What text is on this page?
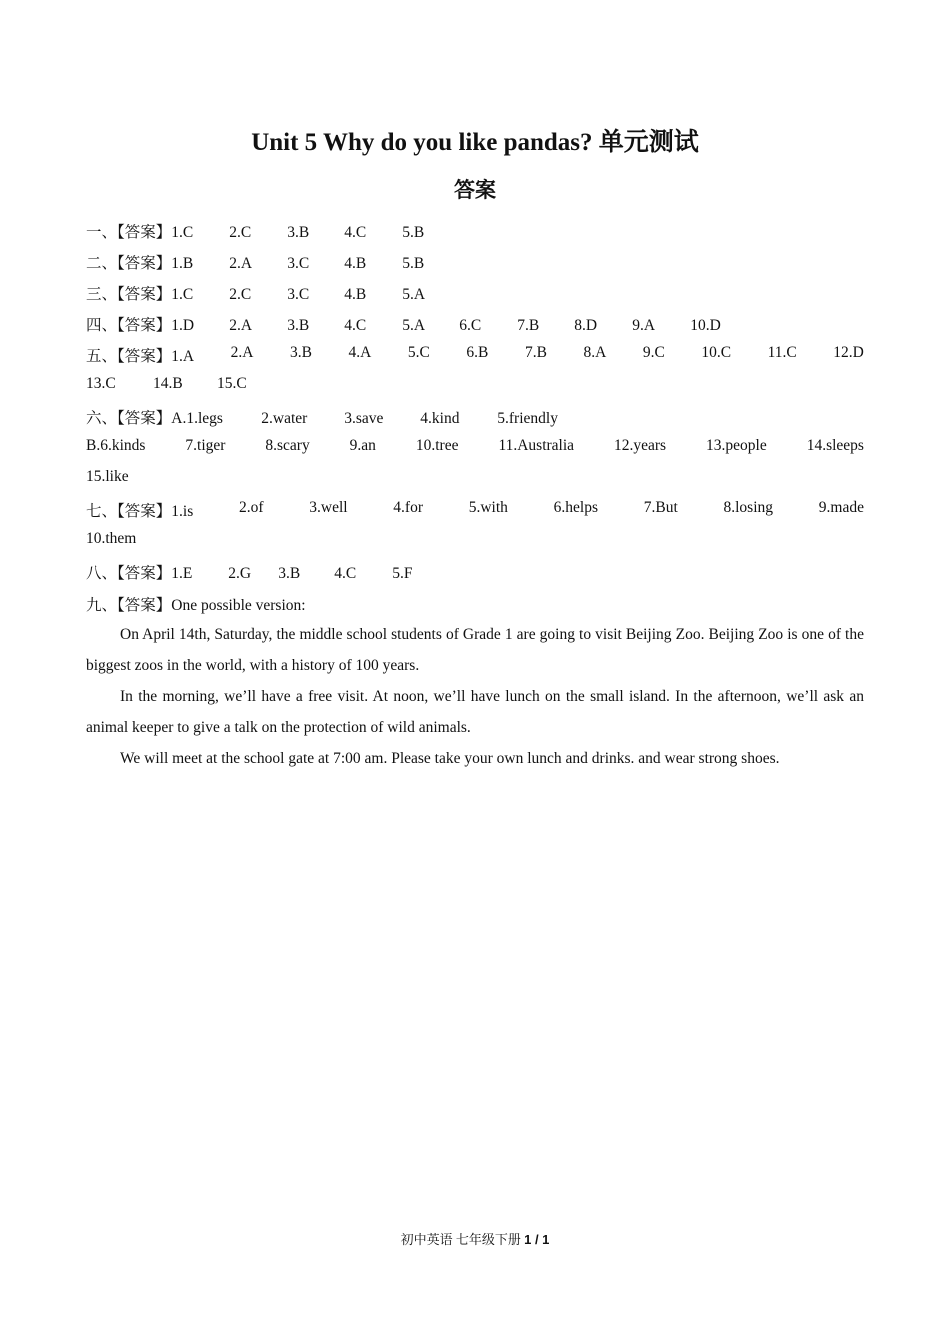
Unit 5 Why do you like pandas? 单元测试
答案
一、【答案】1.C 2.C 3.B 4.C 5.B
二、【答案】1.B 2.A 3.C 4.B 5.B
三、【答案】1.C 2.C 3.C 4.B 5.A
四、【答案】1.D 2.A 3.B 4.C 5.A 6.C 7.B 8.D 9.A 10.D
五、【答案】1.A 2.A 3.B 4.A 5.C 6.B 7.B 8.A 9.C 10.C 11.C 12.D
13.C 14.B 15.C
六、【答案】A.1.legs 2.water 3.save 4.kind 5.friendly
B.6.kinds	7.tiger	8.scary	9.an	10.tree	11.Australia	12.years	13.people	14.sleeps
15.like
七、【答案】1.is	2.of	3.well	4.for	5.with	6.helps	7.But	8.losing	9.made
10.them
八、【答案】1.E 2.G 3.B 4.C 5.F
九、【答案】One possible version:
On April 14th, Saturday, the middle school students of Grade 1 are going to visit Beijing Zoo. Beijing Zoo is one of the biggest zoos in the world, with a history of 100 years.
In the morning, we’ll have a free visit. At noon, we’ll have lunch on the small island. In the afternoon, we’ll ask an animal keeper to give a talk on the protection of wild animals.
We will meet at the school gate at 7:00 am. Please take your own lunch and drinks. and wear strong shoes.
初中英语 七年级下册 1 / 1
